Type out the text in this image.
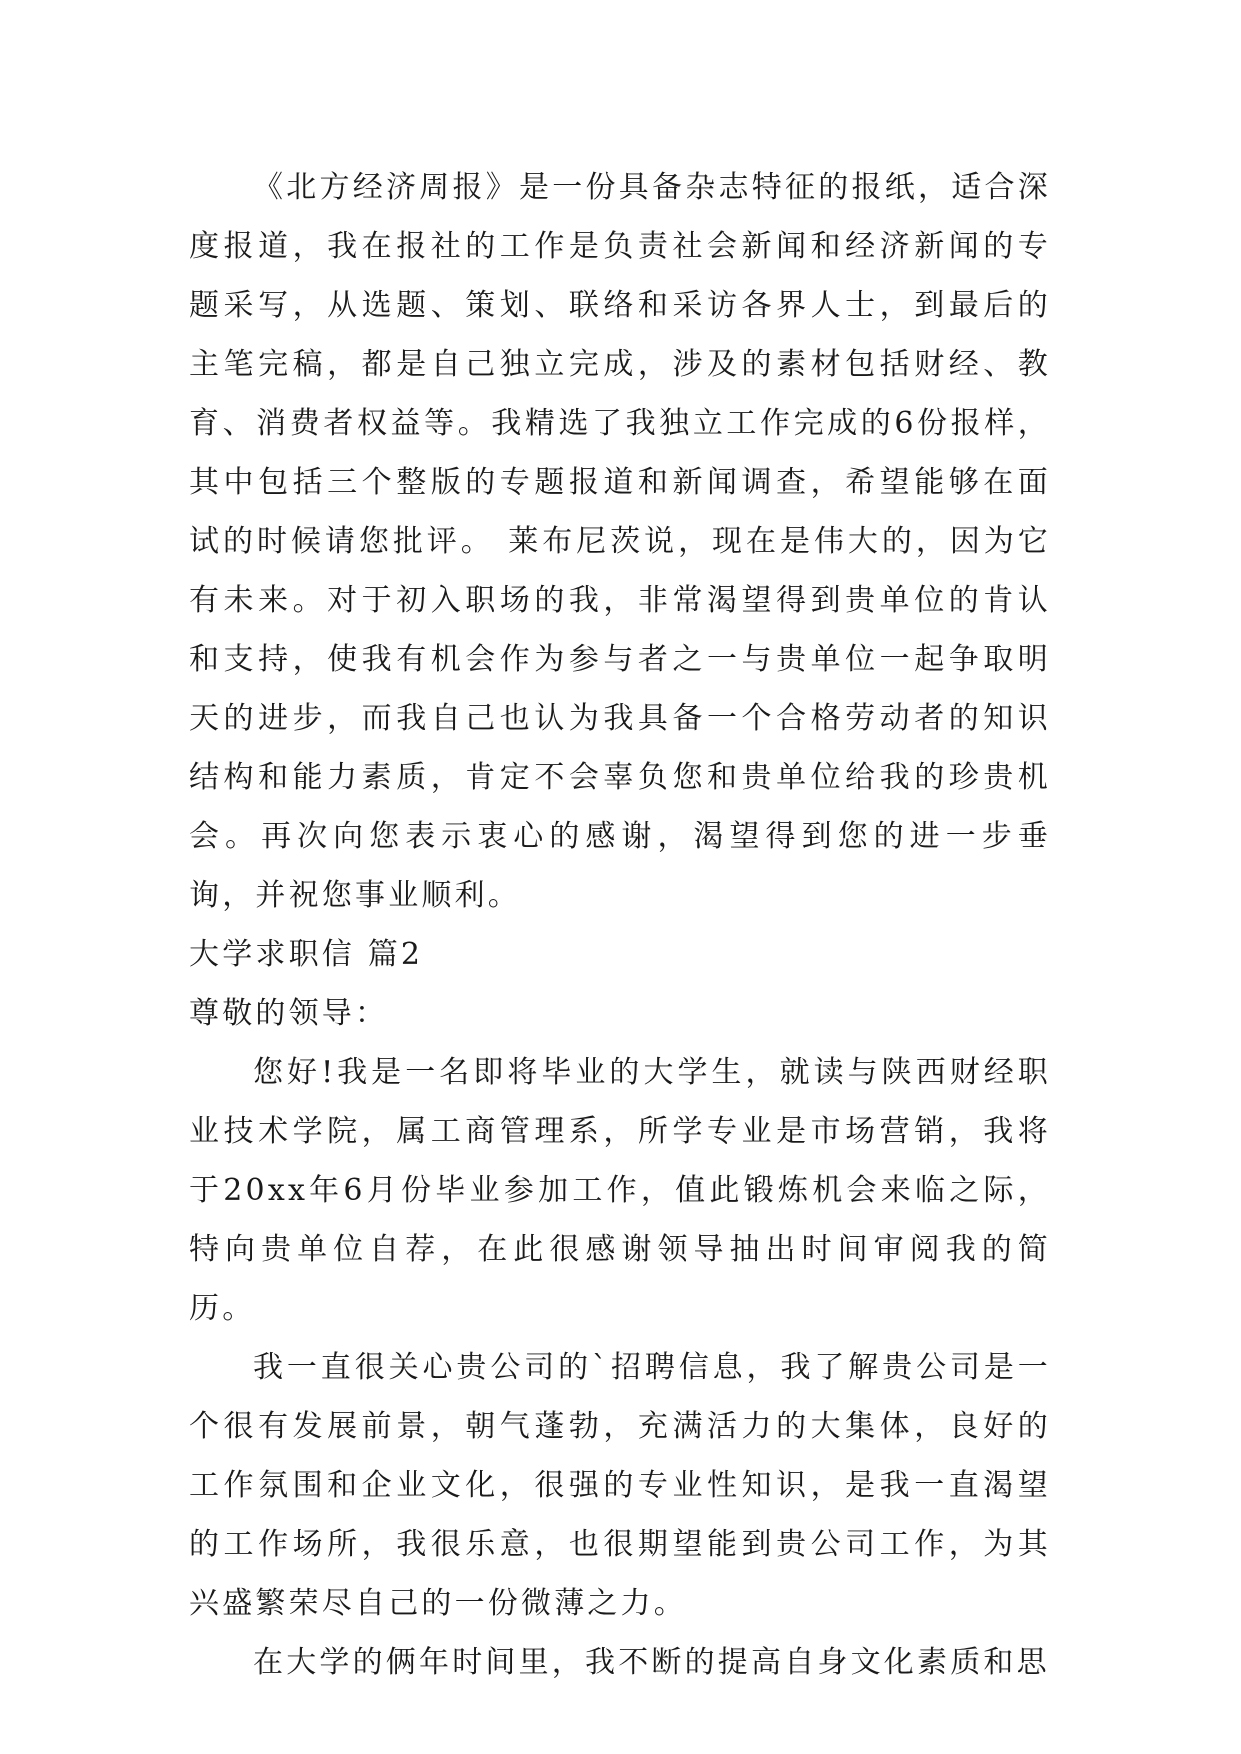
《北方经济周报》是一份具备杂志特征的报纸，适合深度报道，我在报社的工作是负责社会新闻和经济新闻的专题采写，从选题、策划、联络和采访各界人士，到最后的主笔完稿，都是自己独立完成，涉及的素材包括财经、教育、消费者权益等。我精选了我独立工作完成的6份报样，其中包括三个整版的专题报道和新闻调查，希望能够在面试的时候请您批评。 莱布尼茨说，现在是伟大的，因为它有未来。对于初入职场的我，非常渴望得到贵单位的肯认和支持，使我有机会作为参与者之一与贵单位一起争取明天的进步，而我自己也认为我具备一个合格劳动者的知识结构和能力素质，肯定不会辜负您和贵单位给我的珍贵机会。再次向您表示衷心的感谢，渴望得到您的进一步垂询，并祝您事业顺利。

大学求职信 篇2

尊敬的领导：

您好!我是一名即将毕业的大学生，就读与陕西财经职业技术学院，属工商管理系，所学专业是市场营销，我将于20xx年6月份毕业参加工作，值此锻炼机会来临之际，特向贵单位自荐，在此很感谢领导抽出时间审阅我的简历。

我一直很关心贵公司的`招聘信息，我了解贵公司是一个很有发展前景，朝气蓬勃，充满活力的大集体，良好的工作氛围和企业文化，很强的专业性知识，是我一直渴望的工作场所，我很乐意，也很期望能到贵公司工作，为其兴盛繁荣尽自己的一份微薄之力。

在大学的俩年时间里，我不断的提高自身文化素质和思
